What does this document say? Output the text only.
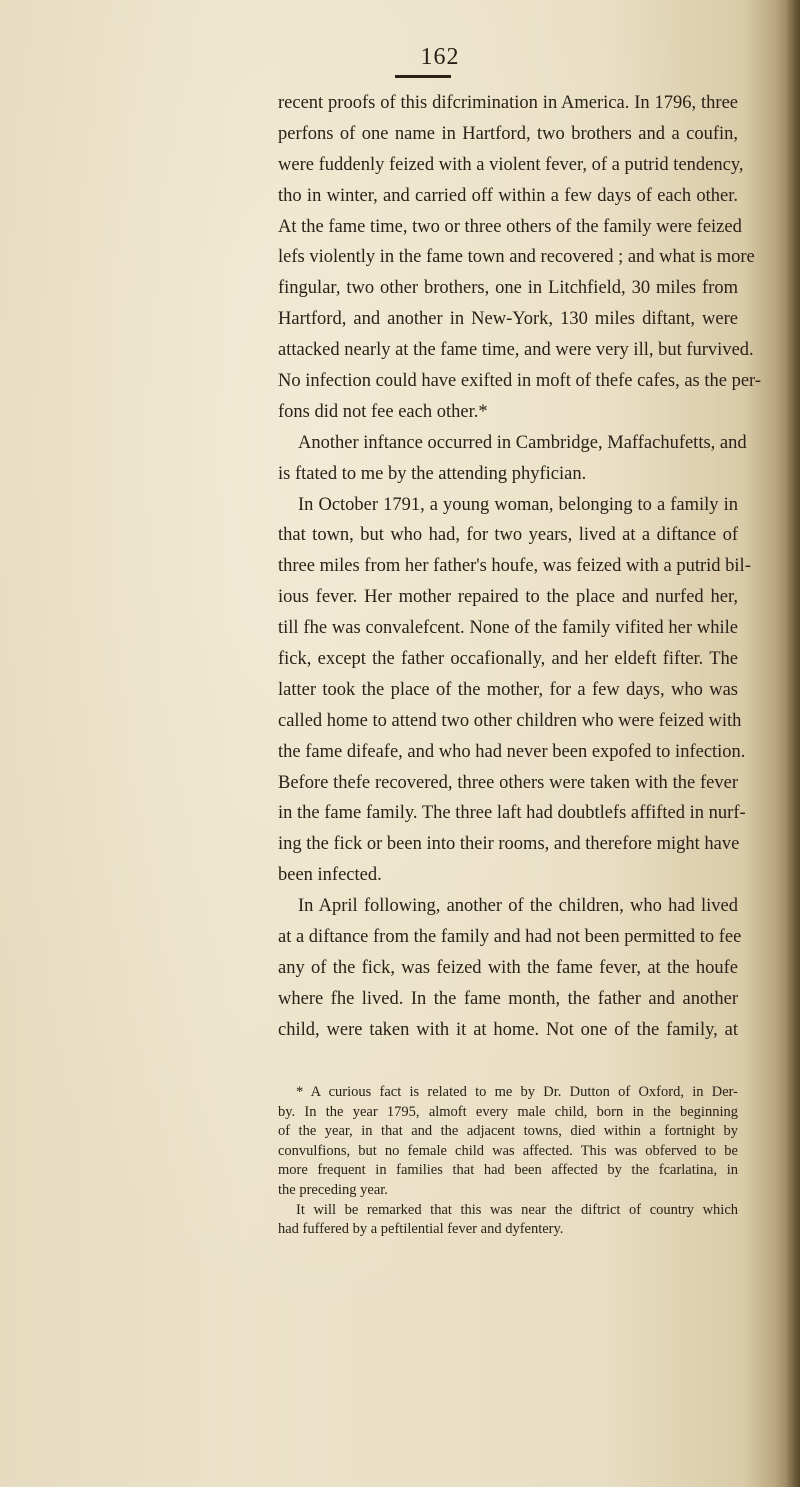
162
recent proofs of this difcrimination in America. In 1796, three
perfons of one name in Hartford, two brothers and a coufin,
were fuddenly feized with a violent fever, of a putrid tendency,
tho in winter, and carried off within a few days of each other.
At the fame time, two or three others of the family were feized
lefs violently in the fame town and recovered ; and what is more
fingular, two other brothers, one in Litchfield, 30 miles from
Hartford, and another in New-York, 130 miles diftant, were
attacked nearly at the fame time, and were very ill, but furvived.
No infection could have exifted in moft of thefe cafes, as the per-
fons did not fee each other.*
Another inftance occurred in Cambridge, Maffachufetts, and
is ftated to me by the attending phyfician.
In October 1791, a young woman, belonging to a family in
that town, but who had, for two years, lived at a diftance of
three miles from her father's houfe, was feized with a putrid bil-
ious fever. Her mother repaired to the place and nurfed her,
till fhe was convalefcent. None of the family vifited her while
fick, except the father occafionally, and her eldeft fifter. The
latter took the place of the mother, for a few days, who was
called home to attend two other children who were feized with
the fame difeafe, and who had never been expofed to infection.
Before thefe recovered, three others were taken with the fever
in the fame family. The three laft had doubtlefs affifted in nurf-
ing the fick or been into their rooms, and therefore might have
been infected.
In April following, another of the children, who had lived
at a diftance from the family and had not been permitted to fee
any of the fick, was feized with the fame fever, at the houfe
where fhe lived. In the fame month, the father and another
child, were taken with it at home. Not one of the family, at
* A curious fact is related to me by Dr. Dutton of Oxford, in Der-
by. In the year 1795, almoft every male child, born in the beginning
of the year, in that and the adjacent towns, died within a fortnight by
convulfions, but no female child was affected. This was obferved to be
more frequent in families that had been affected by the fcarlatina, in
the preceding year.
It will be remarked that this was near the diftrict of country which
had fuffered by a peftilential fever and dyfentery.
